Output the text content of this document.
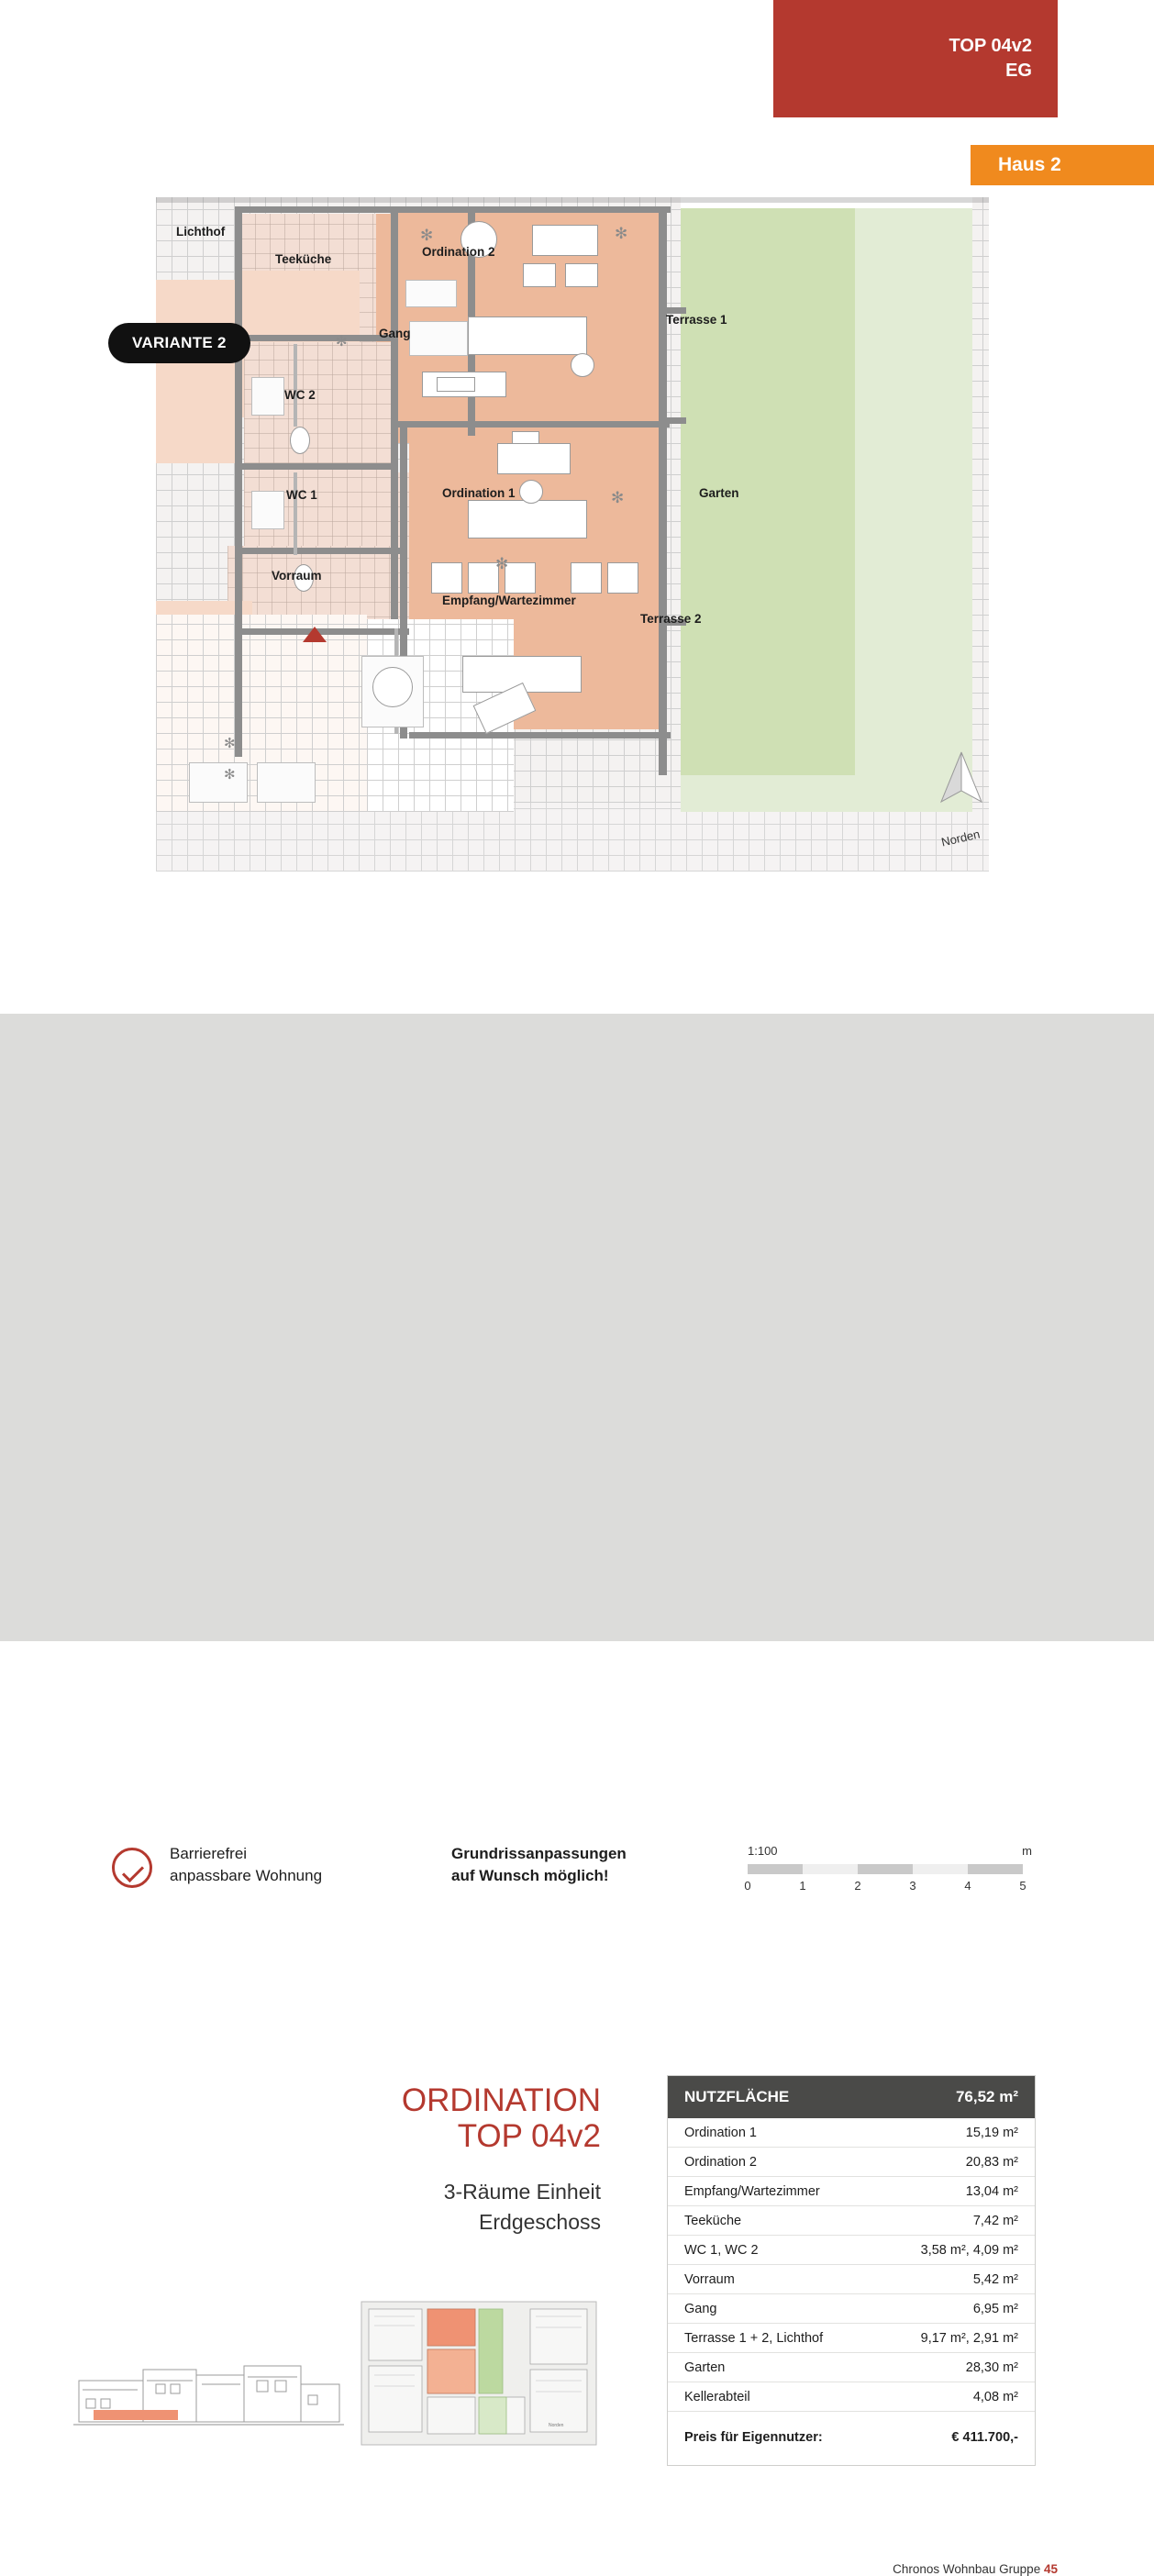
TOP 04v2
EG
Haus 2
VARIANTE 2
✻	✻
✻
✻
✻
✻
✻
Lichthof
Teeküche
Ordination 2
Gang
Terrasse 1
WC 2
WC 1	Ordination 1	Garten
Vorraum
Empfang/Wartezimmer
Terrasse 2
Norden
Barrierefrei
anpassbare Wohnung
Grundrissanpassungen
auf Wunsch möglich!
1:100	m
0	1	2	3	4	5
ORDINATION
TOP 04v2
3-Räume Einheit
Erdgeschoss
Norden
NUTZFLÄCHE	76,52 m²
Ordination 1	15,19 m²
Ordination 2	20,83 m²
Empfang/Wartezimmer	13,04 m²
Teeküche	7,42 m²
WC 1, WC 2	3,58 m², 4,09 m²
Vorraum	5,42 m²
Gang	6,95 m²
Terrasse 1 + 2, Lichthof	9,17 m², 2,91 m²
Garten	28,30 m²
Kellerabteil	4,08 m²
Preis für Eigennutzer:	€ 411.700,-
Chronos Wohnbau Gruppe 45
